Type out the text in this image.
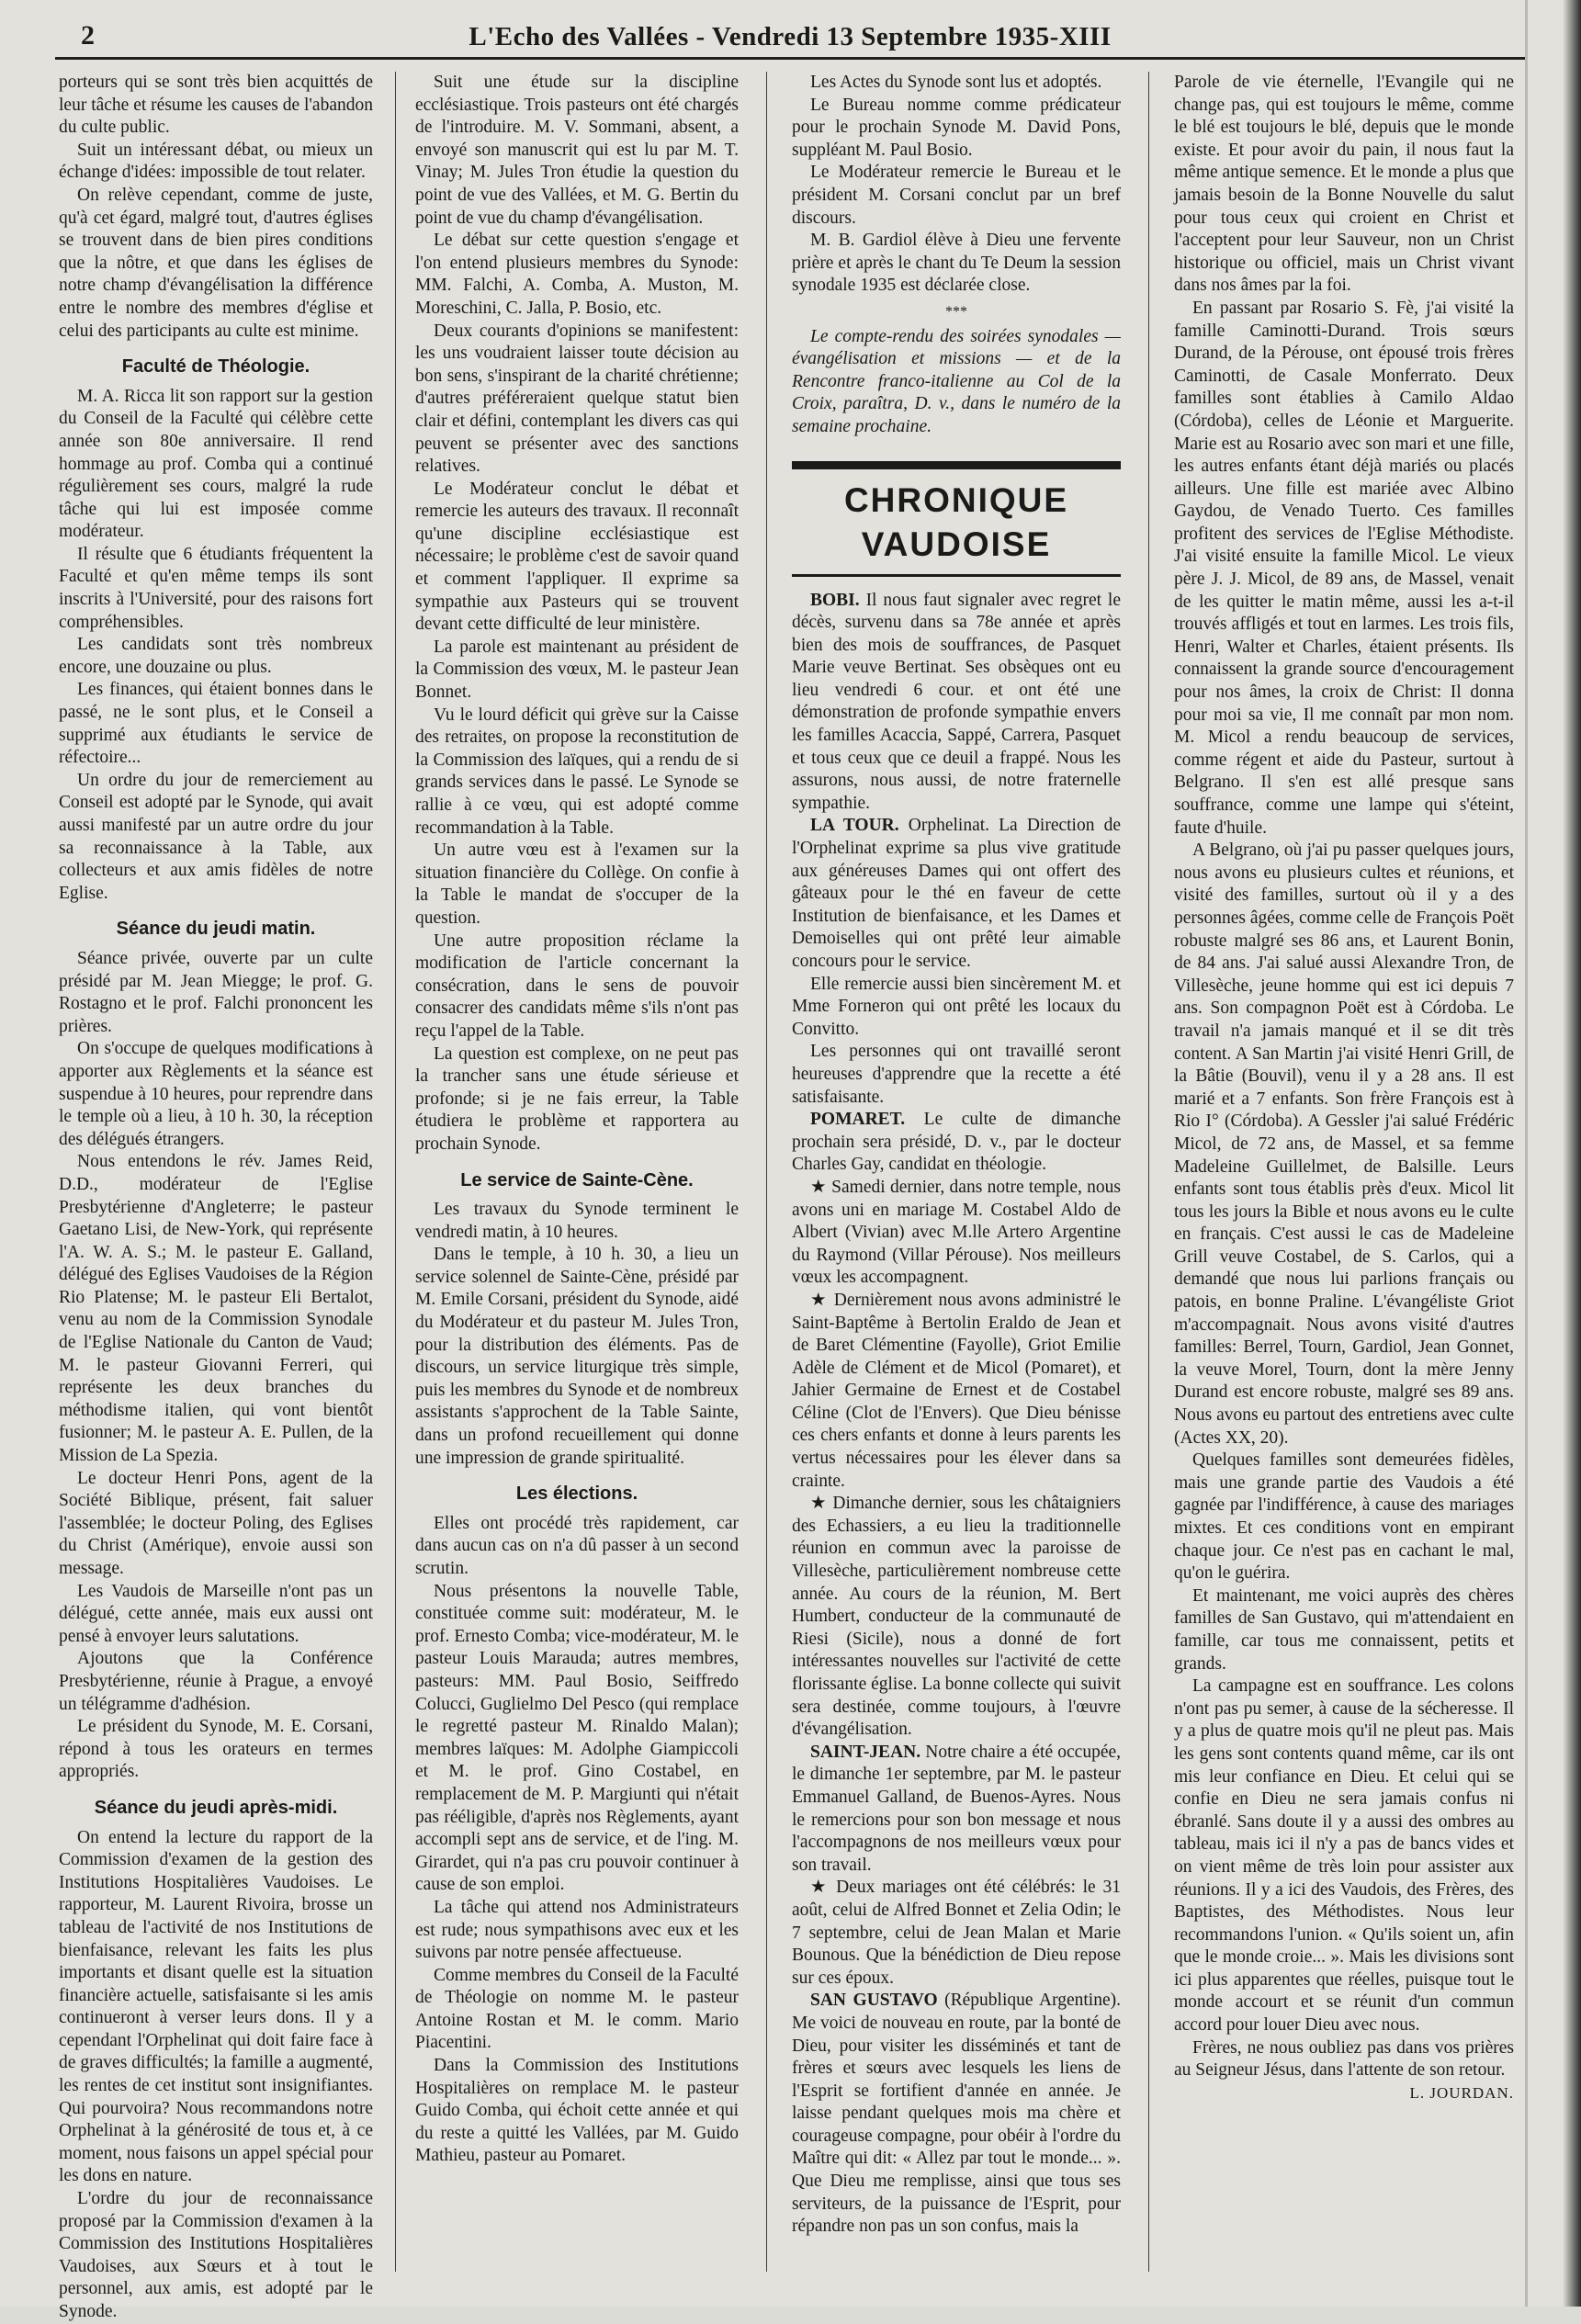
2	L'Echo des Vallées - Vendredi 13 Septembre 1935-XIII

porteurs qui se sont très bien acquittés de leur tâche et résume les causes de l'abandon du culte public.

Suit un intéressant débat, ou mieux un échange d'idées: impossible de tout relater.

On relève cependant, comme de juste, qu'à cet égard, malgré tout, d'autres églises se trouvent dans de bien pires conditions que la nôtre, et que dans les églises de notre champ d'évangélisation la différence entre le nombre des membres d'église et celui des participants au culte est minime.

Faculté de Théologie.

M. A. Ricca lit son rapport sur la gestion du Conseil de la Faculté qui célèbre cette année son 80e anniversaire. Il rend hommage au prof. Comba qui a continué régulièrement ses cours, malgré la rude tâche qui lui est imposée comme modérateur.

Il résulte que 6 étudiants fréquentent la Faculté et qu'en même temps ils sont inscrits à l'Université, pour des raisons fort compréhensibles.

Les candidats sont très nombreux encore, une douzaine ou plus.

Les finances, qui étaient bonnes dans le passé, ne le sont plus, et le Conseil a supprimé aux étudiants le service de réfectoire...

Un ordre du jour de remerciement au Conseil est adopté par le Synode, qui avait aussi manifesté par un autre ordre du jour sa reconnaissance à la Table, aux collecteurs et aux amis fidèles de notre Eglise.

Séance du jeudi matin.

Séance privée, ouverte par un culte présidé par M. Jean Miegge; le prof. G. Rostagno et le prof. Falchi prononcent les prières.

On s'occupe de quelques modifications à apporter aux Règlements et la séance est suspendue à 10 heures, pour reprendre dans le temple où a lieu, à 10 h. 30, la réception des délégués étrangers.

Nous entendons le rév. James Reid, D.D., modérateur de l'Eglise Presbytérienne d'Angleterre; le pasteur Gaetano Lisi, de New-York, qui représente l'A. W. A. S.; M. le pasteur E. Galland, délégué des Eglises Vaudoises de la Région Rio Platense; M. le pasteur Eli Bertalot, venu au nom de la Commission Synodale de l'Eglise Nationale du Canton de Vaud; M. le pasteur Giovanni Ferreri, qui représente les deux branches du méthodisme italien, qui vont bientôt fusionner; M. le pasteur A. E. Pullen, de la Mission de La Spezia.

Le docteur Henri Pons, agent de la Société Biblique, présent, fait saluer l'assemblée; le docteur Poling, des Eglises du Christ (Amérique), envoie aussi son message.

Les Vaudois de Marseille n'ont pas un délégué, cette année, mais eux aussi ont pensé à envoyer leurs salutations.

Ajoutons que la Conférence Presbytérienne, réunie à Prague, a envoyé un télégramme d'adhésion.

Le président du Synode, M. E. Corsani, répond à tous les orateurs en termes appropriés.

Séance du jeudi après-midi.

On entend la lecture du rapport de la Commission d'examen de la gestion des Institutions Hospitalières Vaudoises. Le rapporteur, M. Laurent Rivoira, brosse un tableau de l'activité de nos Institutions de bienfaisance, relevant les faits les plus importants et disant quelle est la situation financière actuelle, satisfaisante si les amis continueront à verser leurs dons. Il y a cependant l'Orphelinat qui doit faire face à de graves difficultés; la famille a augmenté, les rentes de cet institut sont insignifiantes. Qui pourvoira? Nous recommandons notre Orphelinat à la générosité de tous et, à ce moment, nous faisons un appel spécial pour les dons en nature.

L'ordre du jour de reconnaissance proposé par la Commission d'examen à la Commission des Institutions Hospitalières Vaudoises, aux Sœurs et à tout le personnel, aux amis, est adopté par le Synode.

Suit une étude sur la discipline ecclésiastique. Trois pasteurs ont été chargés de l'introduire. M. V. Sommani, absent, a envoyé son manuscrit qui est lu par M. T. Vinay; M. Jules Tron étudie la question du point de vue des Vallées, et M. G. Bertin du point de vue du champ d'évangélisation.

Le débat sur cette question s'engage et l'on entend plusieurs membres du Synode: MM. Falchi, A. Comba, A. Muston, M. Moreschini, C. Jalla, P. Bosio, etc.

Deux courants d'opinions se manifestent: les uns voudraient laisser toute décision au bon sens, s'inspirant de la charité chrétienne; d'autres préféreraient quelque statut bien clair et défini, contemplant les divers cas qui peuvent se présenter avec des sanctions relatives.

Le Modérateur conclut le débat et remercie les auteurs des travaux. Il reconnaît qu'une discipline ecclésiastique est nécessaire; le problème c'est de savoir quand et comment l'appliquer. Il exprime sa sympathie aux Pasteurs qui se trouvent devant cette difficulté de leur ministère.

La parole est maintenant au président de la Commission des vœux, M. le pasteur Jean Bonnet.

Vu le lourd déficit qui grève sur la Caisse des retraites, on propose la reconstitution de la Commission des laïques, qui a rendu de si grands services dans le passé. Le Synode se rallie à ce vœu, qui est adopté comme recommandation à la Table.

Un autre vœu est à l'examen sur la situation financière du Collège. On confie à la Table le mandat de s'occuper de la question.

Une autre proposition réclame la modification de l'article concernant la consécration, dans le sens de pouvoir consacrer des candidats même s'ils n'ont pas reçu l'appel de la Table.

La question est complexe, on ne peut pas la trancher sans une étude sérieuse et profonde; si je ne fais erreur, la Table étudiera le problème et rapportera au prochain Synode.

Le service de Sainte-Cène.

Les travaux du Synode terminent le vendredi matin, à 10 heures.

Dans le temple, à 10 h. 30, a lieu un service solennel de Sainte-Cène, présidé par M. Emile Corsani, président du Synode, aidé du Modérateur et du pasteur M. Jules Tron, pour la distribution des éléments. Pas de discours, un service liturgique très simple, puis les membres du Synode et de nombreux assistants s'approchent de la Table Sainte, dans un profond recueillement qui donne une impression de grande spiritualité.

Les élections.

Elles ont procédé très rapidement, car dans aucun cas on n'a dû passer à un second scrutin.

Nous présentons la nouvelle Table, constituée comme suit: modérateur, M. le prof. Ernesto Comba; vice-modérateur, M. le pasteur Louis Marauda; autres membres, pasteurs: MM. Paul Bosio, Seiffredo Colucci, Guglielmo Del Pesco (qui remplace le regretté pasteur M. Rinaldo Malan); membres laïques: M. Adolphe Giampiccoli et M. le prof. Gino Costabel, en remplacement de M. P. Margiunti qui n'était pas rééligible, d'après nos Règlements, ayant accompli sept ans de service, et de l'ing. M. Girardet, qui n'a pas cru pouvoir continuer à cause de son emploi.

La tâche qui attend nos Administrateurs est rude; nous sympathisons avec eux et les suivons par notre pensée affectueuse.

Comme membres du Conseil de la Faculté de Théologie on nomme M. le pasteur Antoine Rostan et M. le comm. Mario Piacentini.

Dans la Commission des Institutions Hospitalières on remplace M. le pasteur Guido Comba, qui échoit cette année et qui du reste a quitté les Vallées, par M. Guido Mathieu, pasteur au Pomaret.

Les Actes du Synode sont lus et adoptés.

Le Bureau nomme comme prédicateur pour le prochain Synode M. David Pons, suppléant M. Paul Bosio.

Le Modérateur remercie le Bureau et le président M. Corsani conclut par un bref discours.

M. B. Gardiol élève à Dieu une fervente prière et après le chant du Te Deum la session synodale 1935 est déclarée close.

***

Le compte-rendu des soirées synodales — évangélisation et missions — et de la Rencontre franco-italienne au Col de la Croix, paraîtra, D. v., dans le numéro de la semaine prochaine.

CHRONIQUE VAUDOISE

BOBI. Il nous faut signaler avec regret le décès, survenu dans sa 78e année et après bien des mois de souffrances, de Pasquet Marie veuve Bertinat. Ses obsèques ont eu lieu vendredi 6 cour. et ont été une démonstration de profonde sympathie envers les familles Acaccia, Sappé, Carrera, Pasquet et tous ceux que ce deuil a frappé. Nous les assurons, nous aussi, de notre fraternelle sympathie.

LA TOUR. Orphelinat. La Direction de l'Orphelinat exprime sa plus vive gratitude aux généreuses Dames qui ont offert des gâteaux pour le thé en faveur de cette Institution de bienfaisance, et les Dames et Demoiselles qui ont prêté leur aimable concours pour le service.

Elle remercie aussi bien sincèrement M. et Mme Forneron qui ont prêté les locaux du Convitto.

Les personnes qui ont travaillé seront heureuses d'apprendre que la recette a été satisfaisante.

POMARET. Le culte de dimanche prochain sera présidé, D. v., par le docteur Charles Gay, candidat en théologie.

★ Samedi dernier, dans notre temple, nous avons uni en mariage M. Costabel Aldo de Albert (Vivian) avec M.lle Artero Argentine du Raymond (Villar Pérouse). Nos meilleurs vœux les accompagnent.

★ Dernièrement nous avons administré le Saint-Baptême à Bertolin Eraldo de Jean et de Baret Clémentine (Fayolle), Griot Emilie Adèle de Clément et de Micol (Pomaret), et Jahier Germaine de Ernest et de Costabel Céline (Clot de l'Envers). Que Dieu bénisse ces chers enfants et donne à leurs parents les vertus nécessaires pour les élever dans sa crainte.

★ Dimanche dernier, sous les châtaigniers des Echassiers, a eu lieu la traditionnelle réunion en commun avec la paroisse de Villesèche, particulièrement nombreuse cette année. Au cours de la réunion, M. Bert Humbert, conducteur de la communauté de Riesi (Sicile), nous a donné de fort intéressantes nouvelles sur l'activité de cette florissante église. La bonne collecte qui suivit sera destinée, comme toujours, à l'œuvre d'évangélisation.

SAINT-JEAN. Notre chaire a été occupée, le dimanche 1er septembre, par M. le pasteur Emmanuel Galland, de Buenos-Ayres. Nous le remercions pour son bon message et nous l'accompagnons de nos meilleurs vœux pour son travail.

★ Deux mariages ont été célébrés: le 31 août, celui de Alfred Bonnet et Zelia Odin; le 7 septembre, celui de Jean Malan et Marie Bounous. Que la bénédiction de Dieu repose sur ces époux.

SAN GUSTAVO (République Argentine). Me voici de nouveau en route, par la bonté de Dieu, pour visiter les disséminés et tant de frères et sœurs avec lesquels les liens de l'Esprit se fortifient d'année en année. Je laisse pendant quelques mois ma chère et courageuse compagne, pour obéir à l'ordre du Maître qui dit: « Allez par tout le monde... ». Que Dieu me remplisse, ainsi que tous ses serviteurs, de la puissance de l'Esprit, pour répandre non pas un son confus, mais la

Parole de vie éternelle, l'Evangile qui ne change pas, qui est toujours le même, comme le blé est toujours le blé, depuis que le monde existe. Et pour avoir du pain, il nous faut la même antique semence. Et le monde a plus que jamais besoin de la Bonne Nouvelle du salut pour tous ceux qui croient en Christ et l'acceptent pour leur Sauveur, non un Christ historique ou officiel, mais un Christ vivant dans nos âmes par la foi.

En passant par Rosario S. Fè, j'ai visité la famille Caminotti-Durand. Trois sœurs Durand, de la Pérouse, ont épousé trois frères Caminotti, de Casale Monferrato. Deux familles sont établies à Camilo Aldao (Córdoba), celles de Léonie et Marguerite. Marie est au Rosario avec son mari et une fille, les autres enfants étant déjà mariés ou placés ailleurs. Une fille est mariée avec Albino Gaydou, de Venado Tuerto. Ces familles profitent des services de l'Eglise Méthodiste. J'ai visité ensuite la famille Micol. Le vieux père J. J. Micol, de 89 ans, de Massel, venait de les quitter le matin même, aussi les a-t-il trouvés affligés et tout en larmes. Les trois fils, Henri, Walter et Charles, étaient présents. Ils connaissent la grande source d'encouragement pour nos âmes, la croix de Christ: Il donna pour moi sa vie, Il me connaît par mon nom. M. Micol a rendu beaucoup de services, comme régent et aide du Pasteur, surtout à Belgrano. Il s'en est allé presque sans souffrance, comme une lampe qui s'éteint, faute d'huile.

A Belgrano, où j'ai pu passer quelques jours, nous avons eu plusieurs cultes et réunions, et visité des familles, surtout où il y a des personnes âgées, comme celle de François Poët robuste malgré ses 86 ans, et Laurent Bonin, de 84 ans. J'ai salué aussi Alexandre Tron, de Villesèche, jeune homme qui est ici depuis 7 ans. Son compagnon Poët est à Córdoba. Le travail n'a jamais manqué et il se dit très content. A San Martin j'ai visité Henri Grill, de la Bâtie (Bouvil), venu il y a 28 ans. Il est marié et a 7 enfants. Son frère François est à Rio I° (Córdoba). A Gessler j'ai salué Frédéric Micol, de 72 ans, de Massel, et sa femme Madeleine Guillelmet, de Balsille. Leurs enfants sont tous établis près d'eux. Micol lit tous les jours la Bible et nous avons eu le culte en français. C'est aussi le cas de Madeleine Grill veuve Costabel, de S. Carlos, qui a demandé que nous lui parlions français ou patois, en bonne Praline. L'évangéliste Griot m'accompagnait. Nous avons visité d'autres familles: Berrel, Tourn, Gardiol, Jean Gonnet, la veuve Morel, Tourn, dont la mère Jenny Durand est encore robuste, malgré ses 89 ans. Nous avons eu partout des entretiens avec culte (Actes XX, 20).

Quelques familles sont demeurées fidèles, mais une grande partie des Vaudois a été gagnée par l'indifférence, à cause des mariages mixtes. Et ces conditions vont en empirant chaque jour. Ce n'est pas en cachant le mal, qu'on le guérira.

Et maintenant, me voici auprès des chères familles de San Gustavo, qui m'attendaient en famille, car tous me connaissent, petits et grands.

La campagne est en souffrance. Les colons n'ont pas pu semer, à cause de la sécheresse. Il y a plus de quatre mois qu'il ne pleut pas. Mais les gens sont contents quand même, car ils ont mis leur confiance en Dieu. Et celui qui se confie en Dieu ne sera jamais confus ni ébranlé. Sans doute il y a aussi des ombres au tableau, mais ici il n'y a pas de bancs vides et on vient même de très loin pour assister aux réunions. Il y a ici des Vaudois, des Frères, des Baptistes, des Méthodistes. Nous leur recommandons l'union. « Qu'ils soient un, afin que le monde croie... ». Mais les divisions sont ici plus apparentes que réelles, puisque tout le monde accourt et se réunit d'un commun accord pour louer Dieu avec nous.

Frères, ne nous oubliez pas dans vos prières au Seigneur Jésus, dans l'attente de son retour.

L. JOURDAN.
